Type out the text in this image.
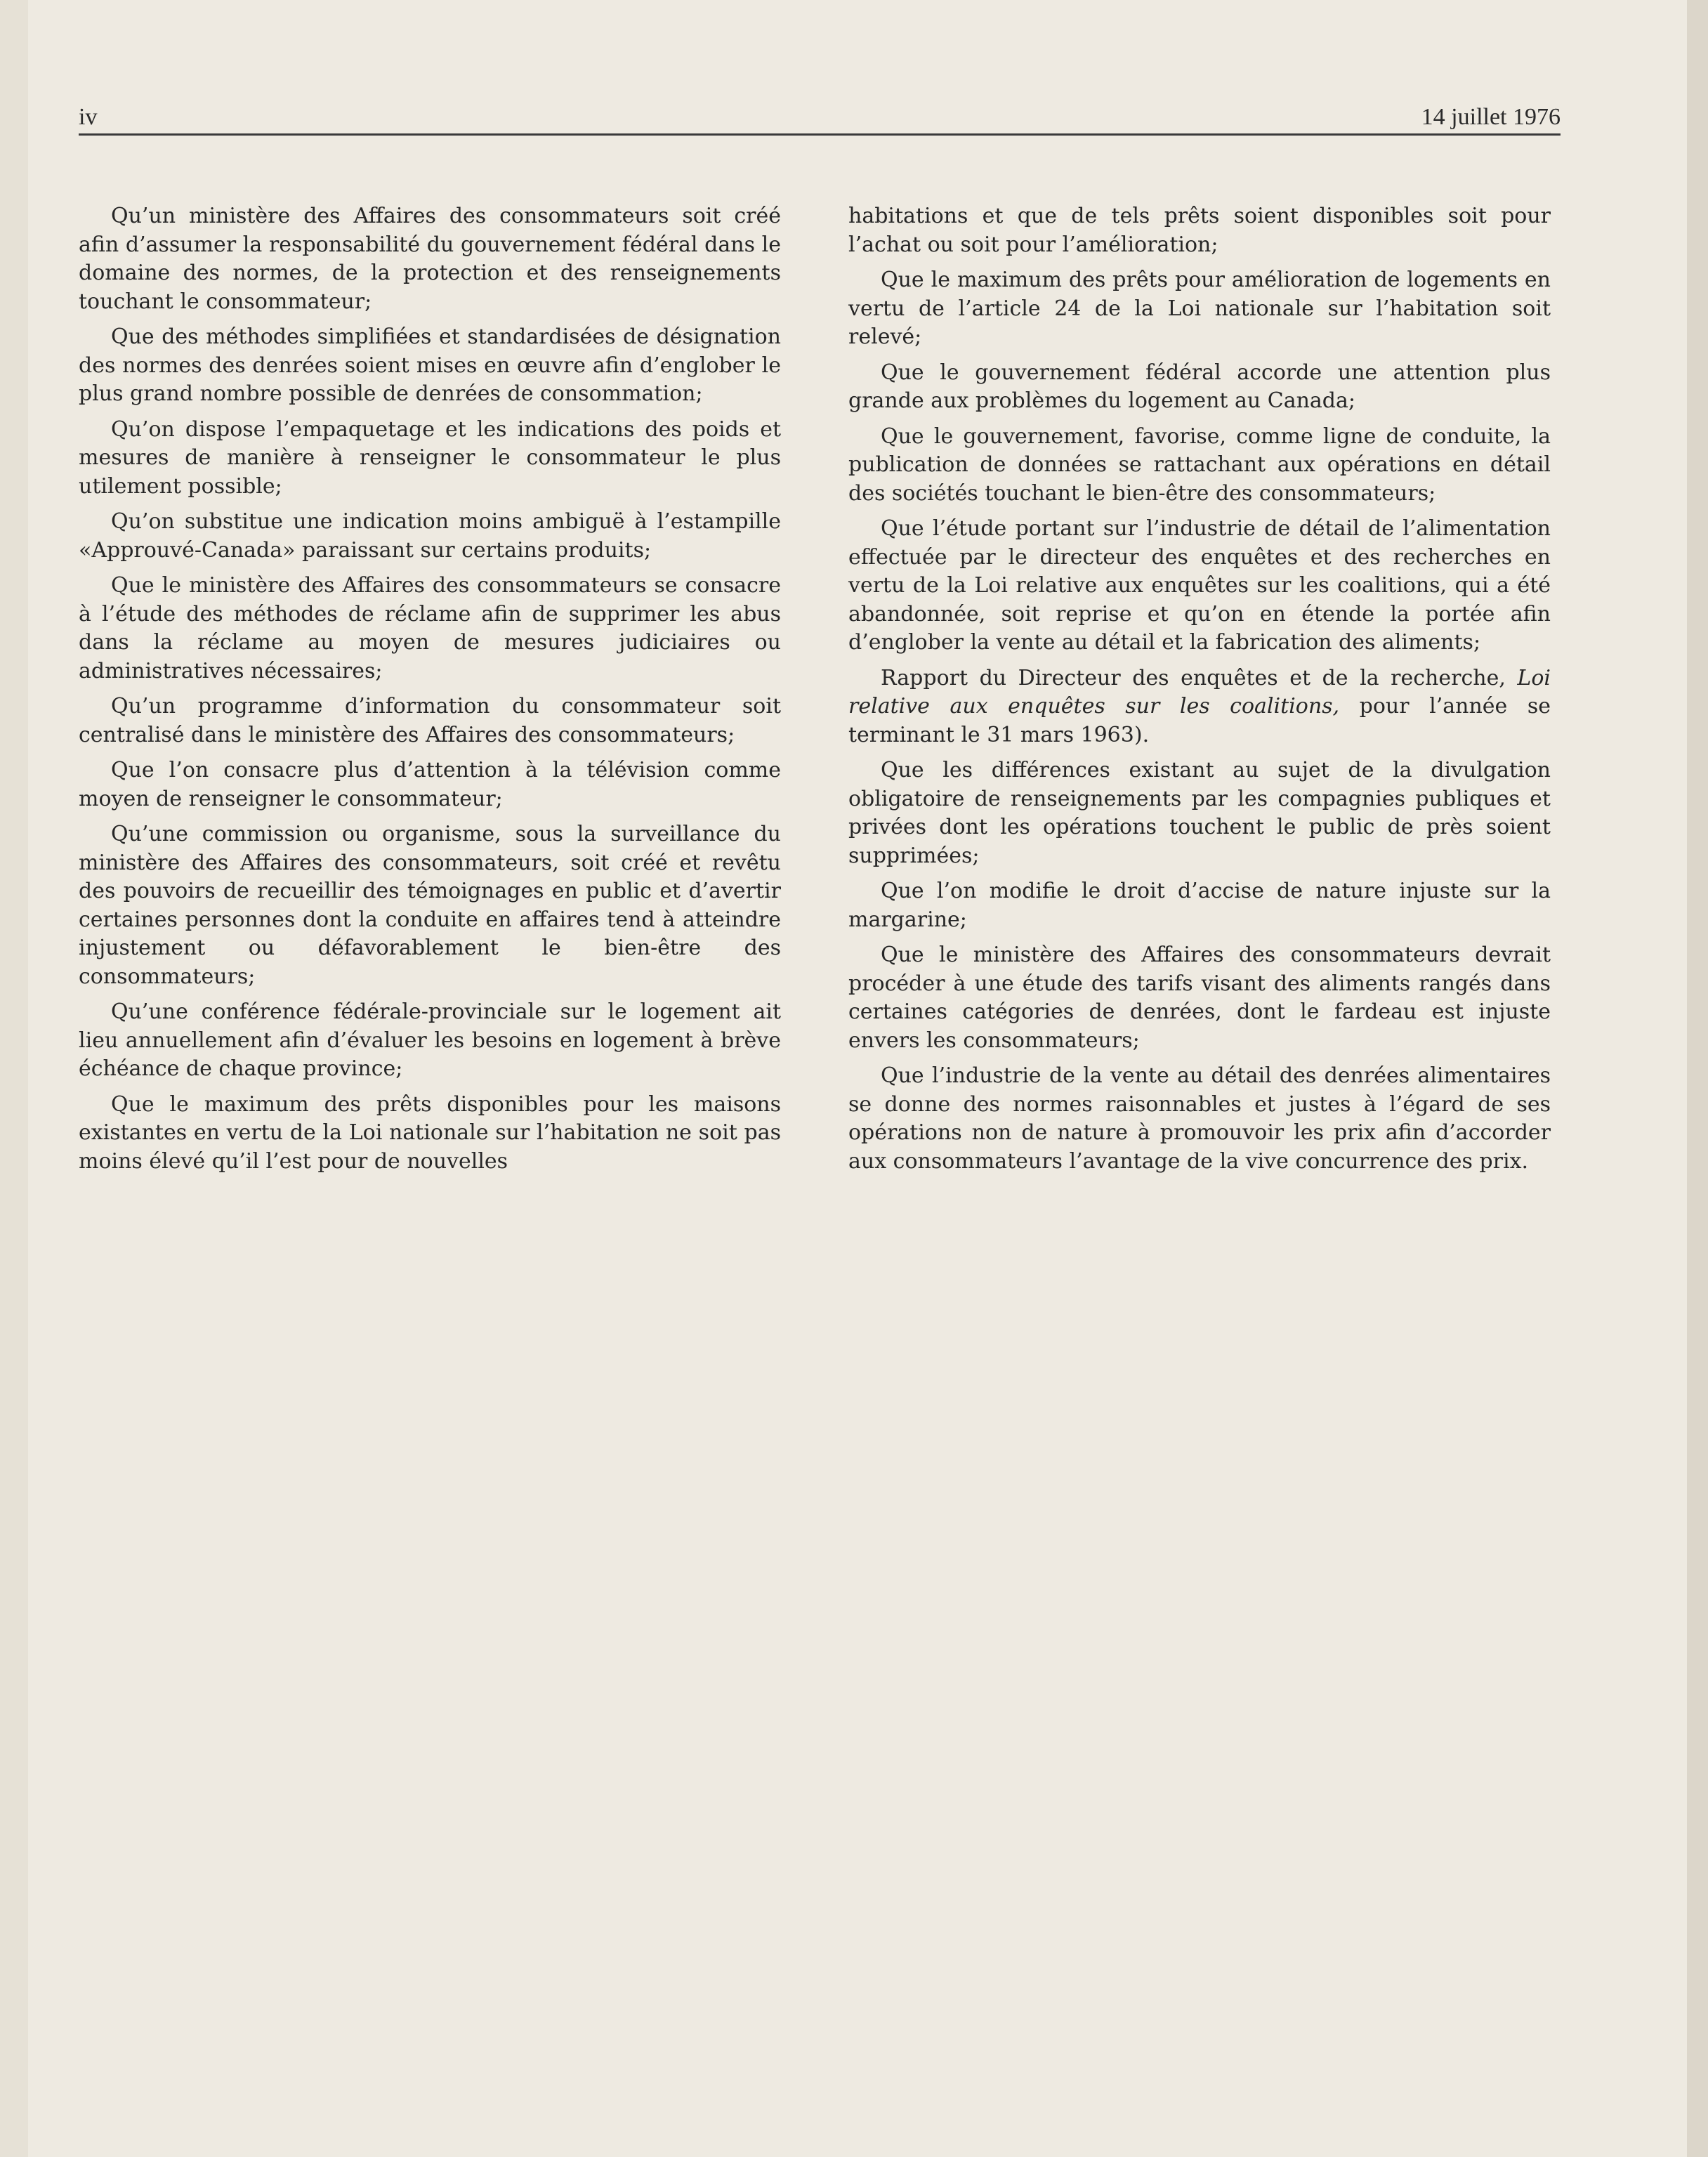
iv	14 juillet 1976

Qu’un ministère des Affaires des consommateurs soit créé afin d’assumer la responsabilité du gouvernement fédéral dans le domaine des normes, de la protection et des renseignements touchant le consommateur;

Que des méthodes simplifiées et standardisées de désignation des normes des denrées soient mises en œuvre afin d’englober le plus grand nombre possible de denrées de consommation;

Qu’on dispose l’empaquetage et les indications des poids et mesures de manière à renseigner le consommateur le plus utilement possible;

Qu’on substitue une indication moins ambiguë à l’estampille «Approuvé-Canada» paraissant sur certains produits;

Que le ministère des Affaires des consommateurs se consacre à l’étude des méthodes de réclame afin de supprimer les abus dans la réclame au moyen de mesures judiciaires ou administratives nécessaires;

Qu’un programme d’information du consommateur soit centralisé dans le ministère des Affaires des consommateurs;

Que l’on consacre plus d’attention à la télévision comme moyen de renseigner le consommateur;

Qu’une commission ou organisme, sous la surveillance du ministère des Affaires des consommateurs, soit créé et revêtu des pouvoirs de recueillir des témoignages en public et d’avertir certaines personnes dont la conduite en affaires tend à atteindre injustement ou défavorablement le bien-être des consommateurs;

Qu’une conférence fédérale-provinciale sur le logement ait lieu annuellement afin d’évaluer les besoins en logement à brève échéance de chaque province;

Que le maximum des prêts disponibles pour les maisons existantes en vertu de la Loi nationale sur l’habitation ne soit pas moins élevé qu’il l’est pour de nouvelles

habitations et que de tels prêts soient disponibles soit pour l’achat ou soit pour l’amélioration;

Que le maximum des prêts pour amélioration de logements en vertu de l’article 24 de la Loi nationale sur l’habitation soit relevé;

Que le gouvernement fédéral accorde une attention plus grande aux problèmes du logement au Canada;

Que le gouvernement, favorise, comme ligne de conduite, la publication de données se rattachant aux opérations en détail des sociétés touchant le bien-être des consommateurs;

Que l’étude portant sur l’industrie de détail de l’alimentation effectuée par le directeur des enquêtes et des recherches en vertu de la Loi relative aux enquêtes sur les coalitions, qui a été abandonnée, soit reprise et qu’on en étende la portée afin d’englober la vente au détail et la fabrication des aliments;

Rapport du Directeur des enquêtes et de la recherche, Loi relative aux enquêtes sur les coalitions, pour l’année se terminant le 31 mars 1963).

Que les différences existant au sujet de la divulgation obligatoire de renseignements par les compagnies publiques et privées dont les opérations touchent le public de près soient supprimées;

Que l’on modifie le droit d’accise de nature injuste sur la margarine;

Que le ministère des Affaires des consommateurs devrait procéder à une étude des tarifs visant des aliments rangés dans certaines catégories de denrées, dont le fardeau est injuste envers les consommateurs;

Que l’industrie de la vente au détail des denrées alimentaires se donne des normes raisonnables et justes à l’égard de ses opérations non de nature à promouvoir les prix afin d’accorder aux consommateurs l’avantage de la vive concurrence des prix.
